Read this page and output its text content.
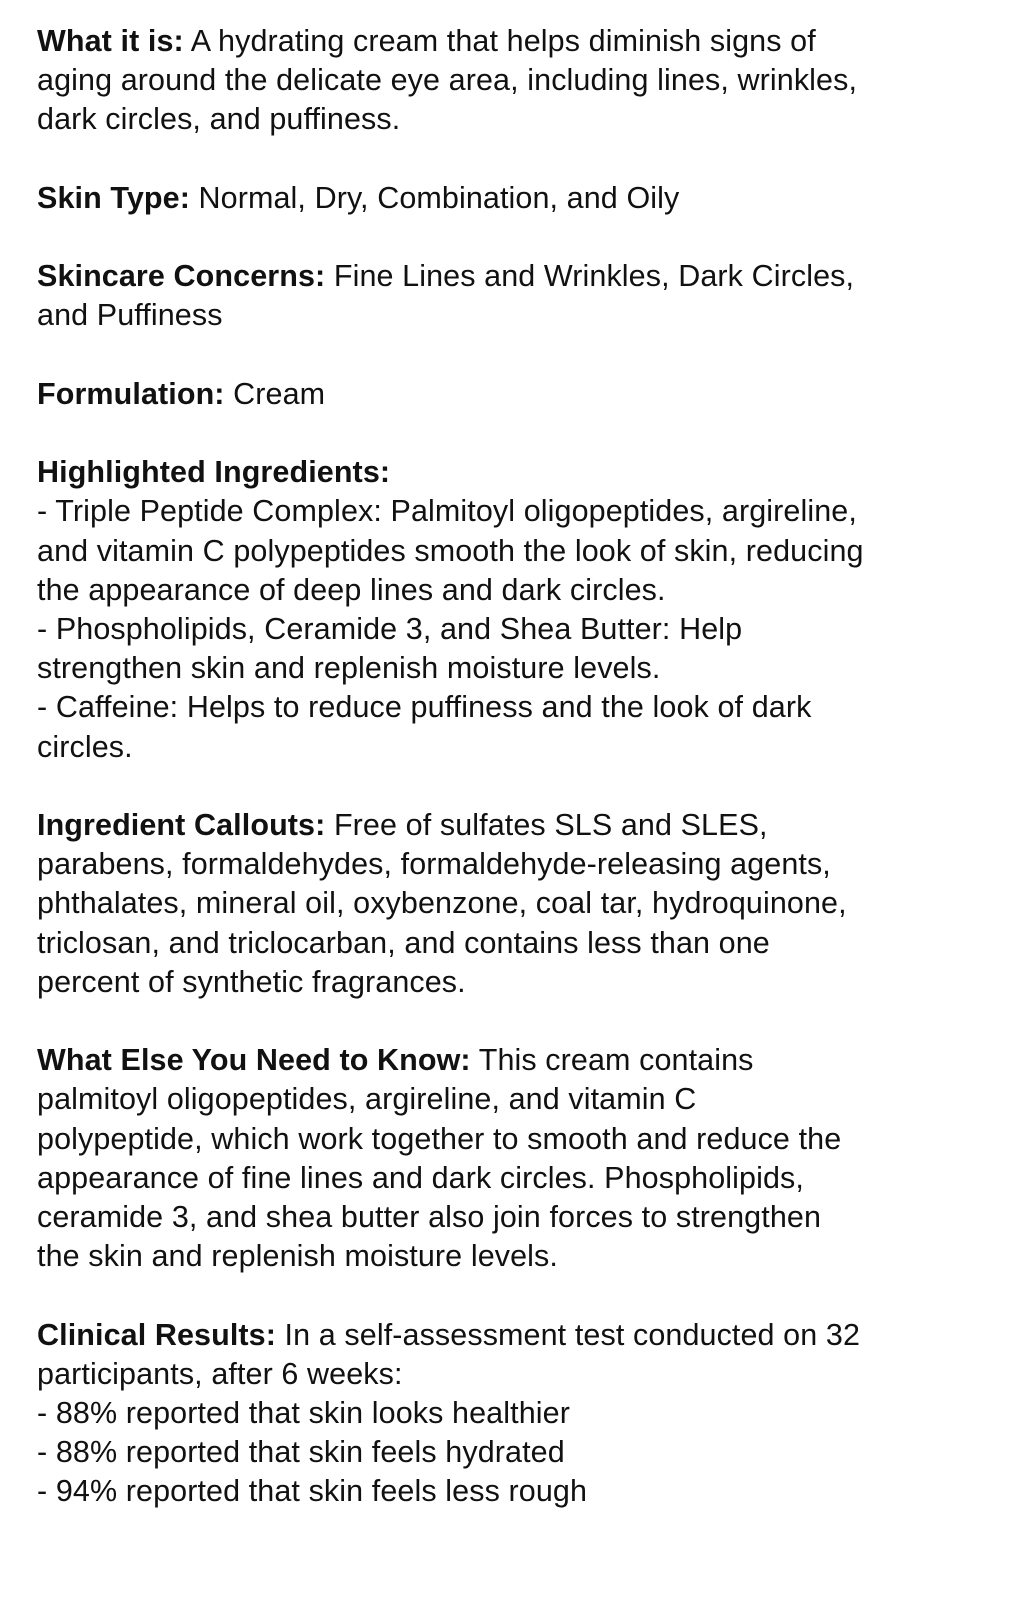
What it is: A hydrating cream that helps diminish signs of
aging around the delicate eye area, including lines, wrinkles,
dark circles, and puffiness.
Skin Type: Normal, Dry, Combination, and Oily
Skincare Concerns: Fine Lines and Wrinkles, Dark Circles,
and Puffiness
Formulation: Cream
Highlighted Ingredients:
- Triple Peptide Complex: Palmitoyl oligopeptides, argireline,
and vitamin C polypeptides smooth the look of skin, reducing
the appearance of deep lines and dark circles.
- Phospholipids, Ceramide 3, and Shea Butter: Help
strengthen skin and replenish moisture levels.
- Caffeine: Helps to reduce puffiness and the look of dark
circles.
Ingredient Callouts: Free of sulfates SLS and SLES,
parabens, formaldehydes, formaldehyde-releasing agents,
phthalates, mineral oil, oxybenzone, coal tar, hydroquinone,
triclosan, and triclocarban, and contains less than one
percent of synthetic fragrances.
What Else You Need to Know: This cream contains
palmitoyl oligopeptides, argireline, and vitamin C
polypeptide, which work together to smooth and reduce the
appearance of fine lines and dark circles. Phospholipids,
ceramide 3, and shea butter also join forces to strengthen
the skin and replenish moisture levels.
Clinical Results: In a self-assessment test conducted on 32
participants, after 6 weeks:
- 88% reported that skin looks healthier
- 88% reported that skin feels hydrated
- 94% reported that skin feels less rough
